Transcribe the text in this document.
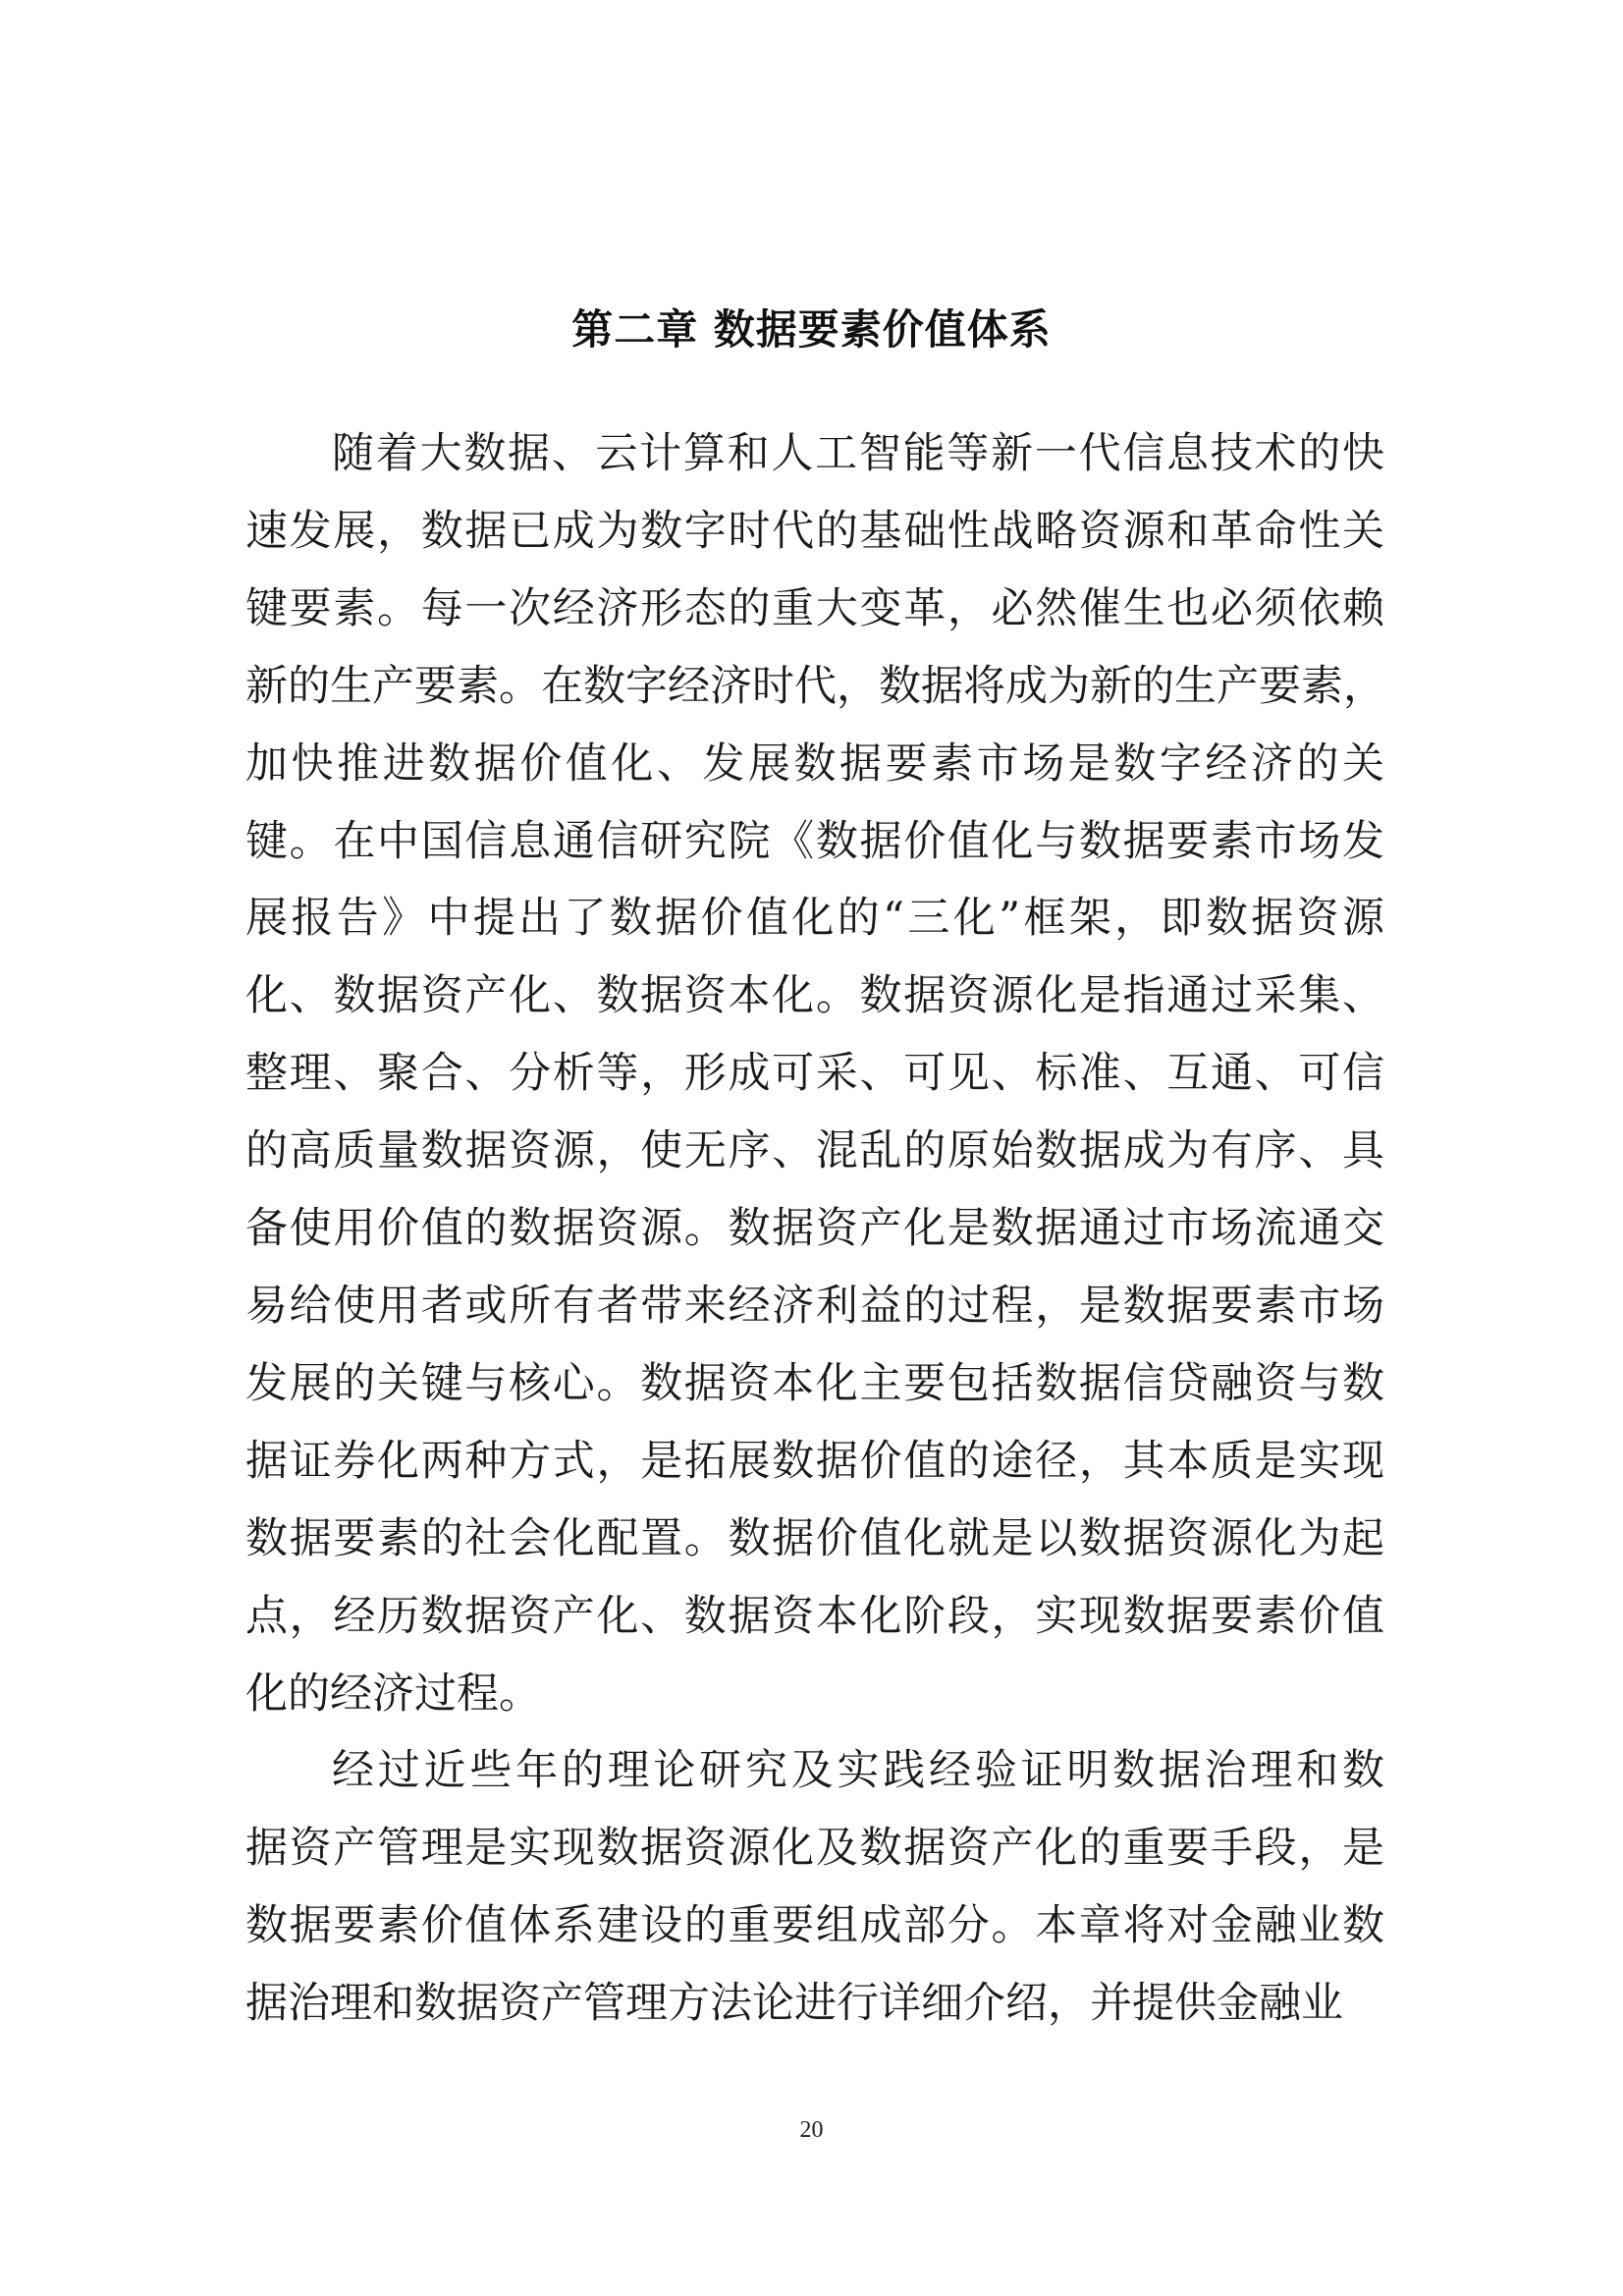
第二章 数据要素价值体系

随着大数据、云计算和人工智能等新一代信息技术的快
速发展，数据已成为数字时代的基础性战略资源和革命性关
键要素。每一次经济形态的重大变革，必然催生也必须依赖
新的生产要素。在数字经济时代，数据将成为新的生产要素，
加快推进数据价值化、发展数据要素市场是数字经济的关
键。在中国信息通信研究院《数据价值化与数据要素市场发
展报告》中提出了数据价值化的“三化”框架，即数据资源
化、数据资产化、数据资本化。数据资源化是指通过采集、
整理、聚合、分析等，形成可采、可见、标准、互通、可信
的高质量数据资源，使无序、混乱的原始数据成为有序、具
备使用价值的数据资源。数据资产化是数据通过市场流通交
易给使用者或所有者带来经济利益的过程，是数据要素市场
发展的关键与核心。数据资本化主要包括数据信贷融资与数
据证券化两种方式，是拓展数据价值的途径，其本质是实现
数据要素的社会化配置。数据价值化就是以数据资源化为起
点，经历数据资产化、数据资本化阶段，实现数据要素价值
化的经济过程。

经过近些年的理论研究及实践经验证明数据治理和数
据资产管理是实现数据资源化及数据资产化的重要手段，是
数据要素价值体系建设的重要组成部分。本章将对金融业数
据治理和数据资产管理方法论进行详细介绍，并提供金融业

20
